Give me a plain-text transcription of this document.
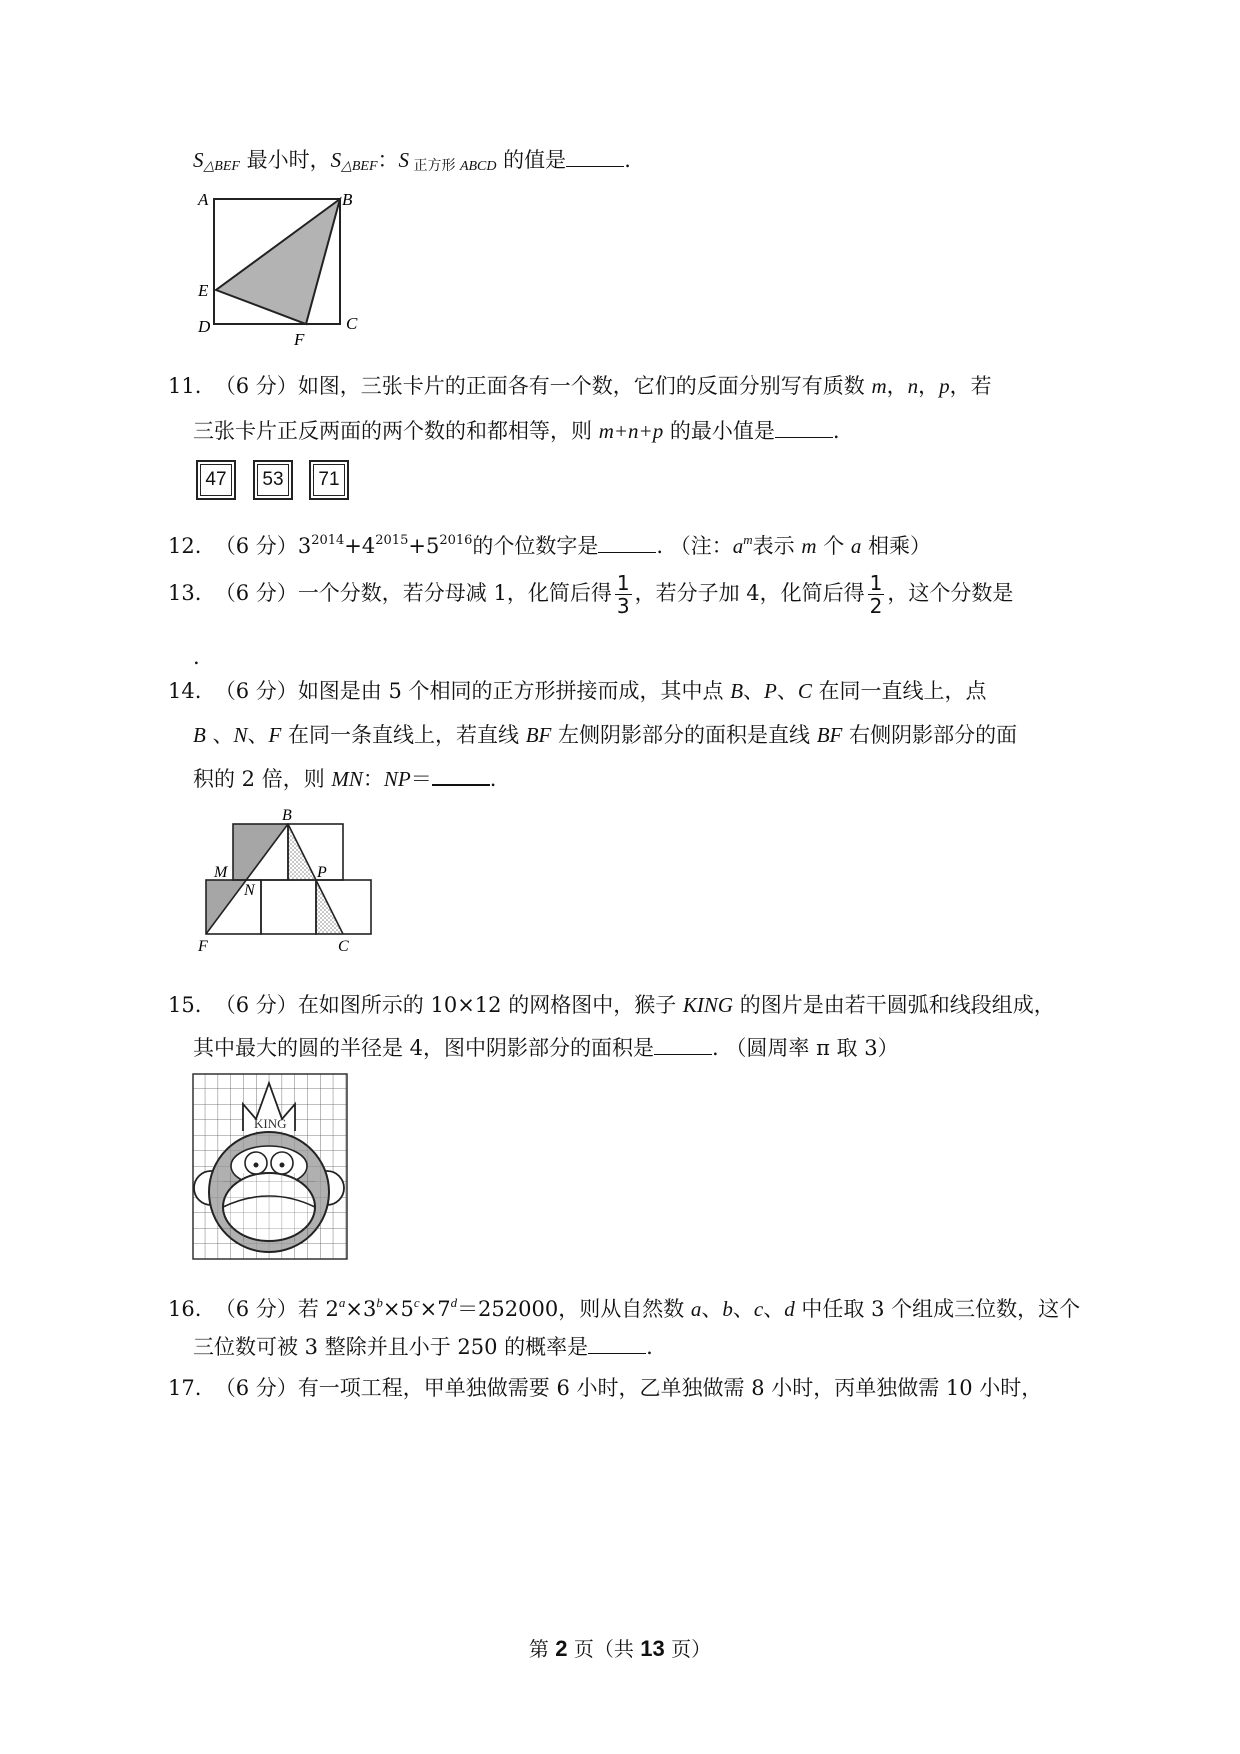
$S_{\triangle BEF}$ 最小时，$S_{\triangle BEF}$：S $_{正方形}$ $_{ABCD}$ 的值是	.
A	B
E
D	C
F
11. （6 分）如图，三张卡片的正面各有一个数，它们的反面分别写有质数 m，n，p，若
三张卡片正反两面的两个数的和都相等，则 m+n+p 的最小值是	.
47	53	71
12. （6 分）$3^{2014}+4^{2015}+5^{2016}$的个位数字是	. （注：$a^m$表示 m 个 a 相乘）
13. （6 分）一个分数，若分母减 1，化简后得 $\frac{1}{3}$ ，若分子加 4，化简后得 $\frac{1}{2}$ ，这个分数是
.
14. （6 分）如图是由 5 个相同的正方形拼接而成，其中点 B、P、C 在同一直线上，点
B 、N、F 在同一条直线上，若直线 BF 左侧阴影部分的面积是直线 BF 右侧阴影部分的面
积的 2 倍，则 MN：NP＝	.
B
M
N
P
F	C
15. （6 分）在如图所示的 10×12 的网格图中，猴子 KING 的图片是由若干圆弧和线段组成，
其中最大的圆的半径是 4，图中阴影部分的面积是	. （圆周率 π 取 3）
KING
16. （6 分）若 $2^a\times 3^b\times 5^c\times 7^d=252000$，则从自然数 a、b、c、d 中任取 3 个组成三位数，这个
三位数可被 3 整除并且小于 250 的概率是	.
17. （6 分）有一项工程，甲单独做需要 6 小时，乙单独做需 8 小时，丙单独做需 10 小时，
第 2 页（共 13 页）
